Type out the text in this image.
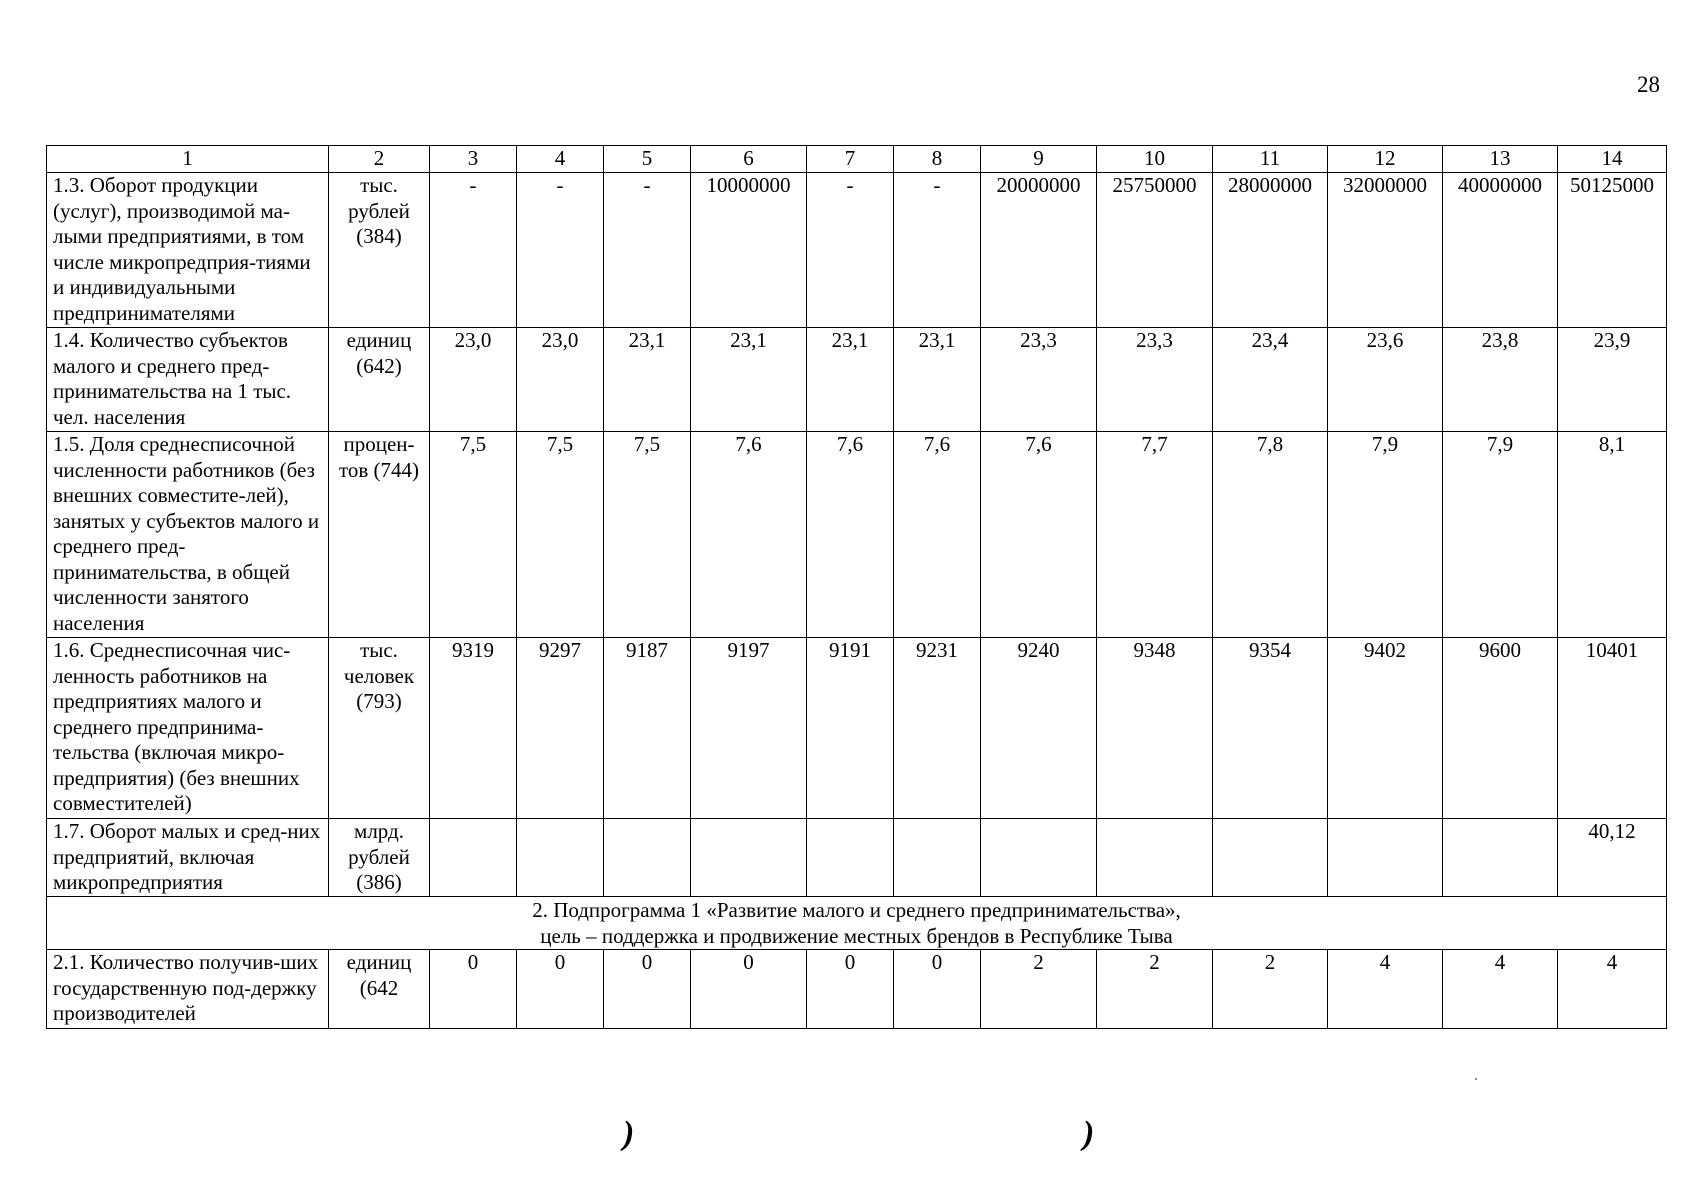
28
1	2	3	4	5	6	7	8	9	10	11	12	13	14
1.3. Оборот продукции (услуг), производимой ма-лыми предприятиями, в том числе микропредприя-тиями и индивидуальными предпринимателями	тыс. рублей (384)	-	-	-	10000000	-	-	20000000	25750000	28000000	32000000	40000000	50125000
1.4. Количество субъектов малого и среднего пред-принимательства на 1 тыс. чел. населения	единиц (642)	23,0	23,0	23,1	23,1	23,1	23,1	23,3	23,3	23,4	23,6	23,8	23,9
1.5. Доля среднесписочной численности работников (без внешних совместите-лей), занятых у субъектов малого и среднего пред-принимательства, в общей численности занятого населения	процен-тов (744)	7,5	7,5	7,5	7,6	7,6	7,6	7,6	7,7	7,8	7,9	7,9	8,1
1.6. Среднесписочная чис-ленность работников на предприятиях малого и среднего предпринима-тельства (включая микро-предприятия) (без внешних совместителей)	тыс. человек (793)	9319	9297	9187	9197	9191	9231	9240	9348	9354	9402	9600	10401
1.7. Оборот малых и сред-них предприятий, включая микропредприятия	млрд. рублей (386)												40,12

2. Подпрограмма 1 «Развитие малого и среднего предпринимательства»,
цель – поддержка и продвижение местных брендов в Республике Тыва													

2.1. Количество получив-ших государственную под-держку производителей	единиц (642	0	0	0	0	0	0	2	2	2	4	4	4
)	)
